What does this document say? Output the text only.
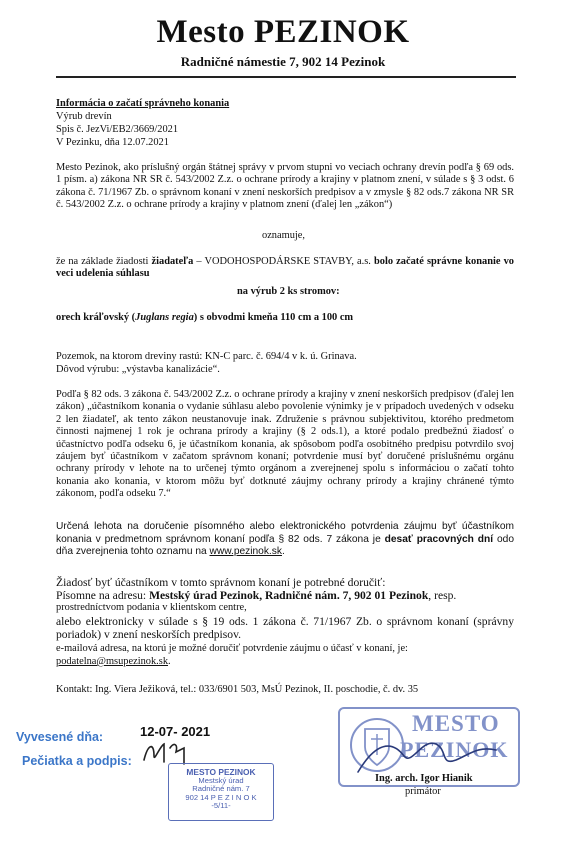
Mesto PEZINOK
Radničné námestie 7, 902 14 Pezinok
Informácia o začatí správneho konania
Výrub drevín
Spis č. JezVi/EB2/3669/2021
V Pezinku, dňa 12.07.2021
Mesto Pezinok, ako príslušný orgán štátnej správy v prvom stupni vo veciach ochrany drevín podľa § 69 ods. 1 písm. a) zákona NR SR č. 543/2002 Z.z. o ochrane prírody a krajiny v platnom znení, v súlade s § 3 odst. 6 zákona č. 71/1967 Zb. o správnom konaní v znení neskorších predpisov a v zmysle § 82 ods.7 zákona NR SR č. 543/2002 Z.z. o ochrane prírody a krajiny v platnom znení (ďalej len „zákon“)
oznamuje,
že na základe žiadosti žiadateľa – VODOHOSPODÁRSKE STAVBY, a.s. bolo začaté správne konanie vo veci udelenia súhlasu
na výrub 2 ks stromov:
orech kráľovský (Juglans regia) s obvodmi kmeňa 110 cm a 100 cm
Pozemok, na ktorom dreviny rastú: KN-C parc. č. 694/4 v k. ú. Grinava.
Dôvod výrubu: „výstavba kanalizácie“.
Podľa § 82 ods. 3 zákona č. 543/2002 Z.z. o ochrane prírody a krajiny v znení neskorších predpisov (ďalej len zákon) „účastníkom konania o vydanie súhlasu alebo povolenie výnimky je v prípadoch uvedených v odseku 2 len žiadateľ, ak tento zákon neustanovuje inak. Združenie s právnou subjektivitou, ktorého predmetom činnosti najmenej 1 rok je ochrana prírody a krajiny (§ 2 ods.1), a ktoré podalo predbežnú žiadosť o účastníctvo podľa odseku 6, je účastníkom konania, ak spôsobom podľa osobitného predpisu potvrdilo svoj záujem byť účastníkom v začatom správnom konaní; potvrdenie musí byť doručené príslušnému orgánu ochrany prírody v lehote na to určenej týmto orgánom a zverejnenej spolu s informáciou o začatí tohto konania ako konania, v ktorom môžu byť dotknuté záujmy ochrany prírody a krajiny chránené týmto zákonom, podľa odseku 7.“
Určená lehota na doručenie písomného alebo elektronického potvrdenia záujmu byť účastníkom konania v predmetnom správnom konaní podľa § 82 ods. 7 zákona je desať pracovných dní odo dňa zverejnenia tohto oznamu na www.pezinok.sk.
Žiadosť byť účastníkom v tomto správnom konaní je potrebné doručiť:
Písomne na adresu: Mestský úrad Pezinok, Radničné nám. 7, 902 01 Pezinok, resp.
prostredníctvom podania v klientskom centre,
alebo elektronicky v súlade s § 19 ods. 1 zákona č. 71/1967 Zb. o správnom konaní (správny poriadok) v znení neskorších predpisov.
e-mailová adresa, na ktorú je možné doručiť potvrdenie záujmu o účasť v konaní, je:
podatelna@msupezinok.sk.
Kontakt: Ing. Viera Ježiková, tel.: 033/6901 503, MsÚ Pezinok, II. poschodie, č. dv. 35
Vyvesené dňa:	12-07- 2021
Pečiatka a podpis:
MESTO PEZINOK
Mestský úrad
Radničné nám. 7
902 14 P E Z I N O K
-5/11-
MESTO
PEZINOK
Ing. arch. Igor Hianik
primátor
